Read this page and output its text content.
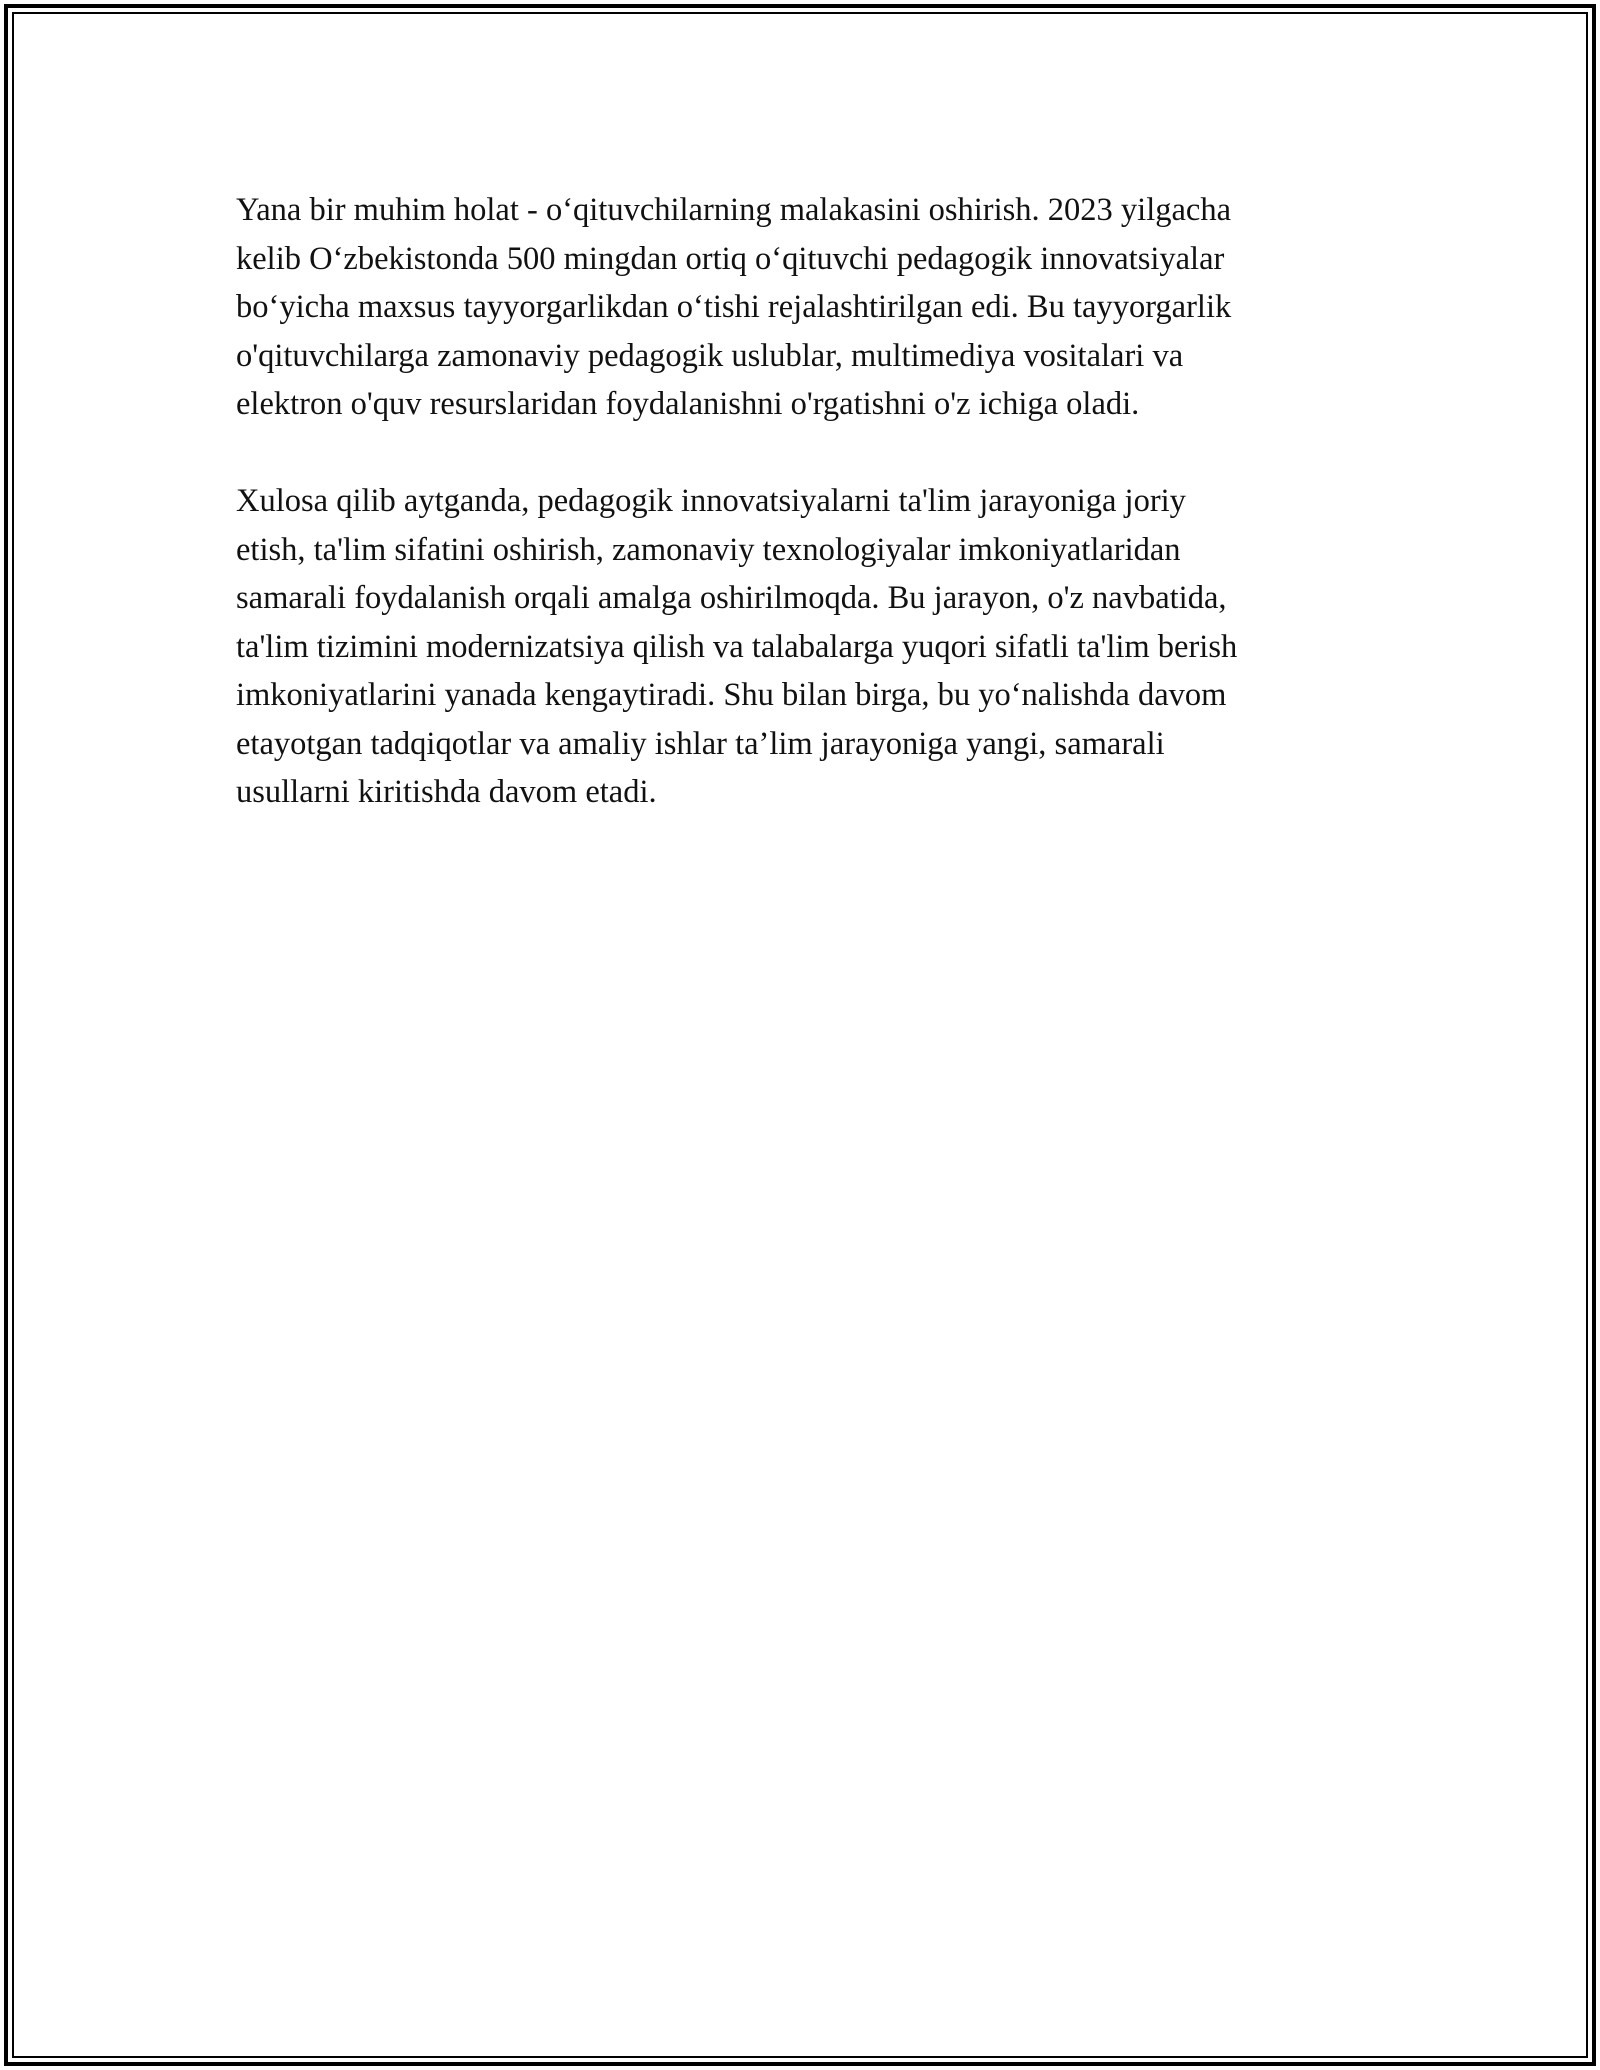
Yana bir muhim holat - o‘qituvchilarning malakasini oshirish. 2023 yilgacha
kelib O‘zbekistonda 500 mingdan ortiq o‘qituvchi pedagogik innovatsiyalar
bo‘yicha maxsus tayyorgarlikdan o‘tishi rejalashtirilgan edi. Bu tayyorgarlik
o'qituvchilarga zamonaviy pedagogik uslublar, multimediya vositalari va
elektron o'quv resurslaridan foydalanishni o'rgatishni o'z ichiga oladi.

Xulosa qilib aytganda, pedagogik innovatsiyalarni ta'lim jarayoniga joriy
etish, ta'lim sifatini oshirish, zamonaviy texnologiyalar imkoniyatlaridan
samarali foydalanish orqali amalga oshirilmoqda. Bu jarayon, o'z navbatida,
ta'lim tizimini modernizatsiya qilish va talabalarga yuqori sifatli ta'lim berish
imkoniyatlarini yanada kengaytiradi. Shu bilan birga, bu yo‘nalishda davom
etayotgan tadqiqotlar va amaliy ishlar ta’lim jarayoniga yangi, samarali
usullarni kiritishda davom etadi.
